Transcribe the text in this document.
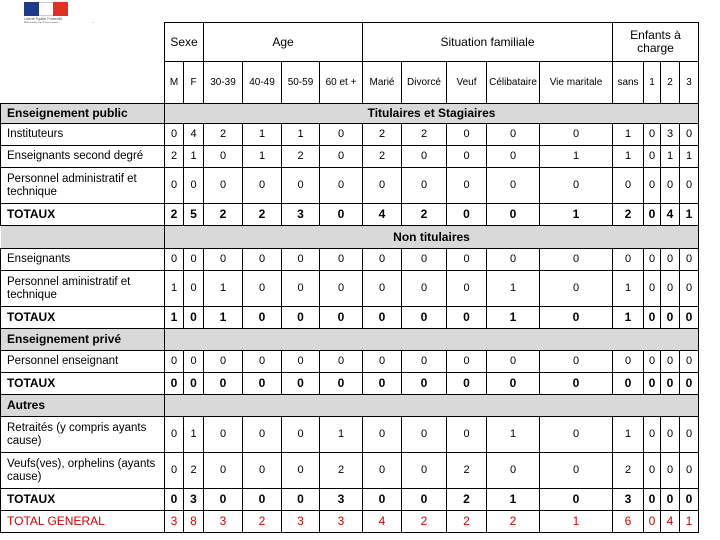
Liberté Égalité Fraternité
	Sexe		Age				Situation familiale					Enfants à charge			
	M	F	30-39	40-49	50-59	60 et +	Marié	Divorcé	Veuf	Célibataire	Vie maritale	sans	1	2	3
Enseignement public	Titulaires et Stagiaires														
Instituteurs	0	4	2	1	1	0	2	2	0	0	0	1	0	3	0
Enseignants second degré	2	1	0	1	2	0	2	0	0	0	1	1	0	1	1
Personnel administratif et technique	0	0	0	0	0	0	0	0	0	0	0	0	0	0	0
TOTAUX	2	5	2	2	3	0	4	2	0	0	1	2	0	4	1
	Non titulaires														
Enseignants	0	0	0	0	0	0	0	0	0	0	0	0	0	0	0
Personnel aministratif et technique	1	0	1	0	0	0	0	0	0	1	0	1	0	0	0
TOTAUX	1	0	1	0	0	0	0	0	0	1	0	1	0	0	0
Enseignement privé															
Personnel enseignant	0	0	0	0	0	0	0	0	0	0	0	0	0	0	0
TOTAUX	0	0	0	0	0	0	0	0	0	0	0	0	0	0	0
Autres															
Retraités (y compris ayants cause)	0	1	0	0	0	1	0	0	0	1	0	1	0	0	0
Veufs(ves), orphelins (ayants cause)	0	2	0	0	0	2	0	0	2	0	0	2	0	0	0
TOTAUX	0	3	0	0	0	3	0	0	2	1	0	3	0	0	0
TOTAL GENERAL	3	8	3	2	3	3	4	2	2	2	1	6	0	4	1
